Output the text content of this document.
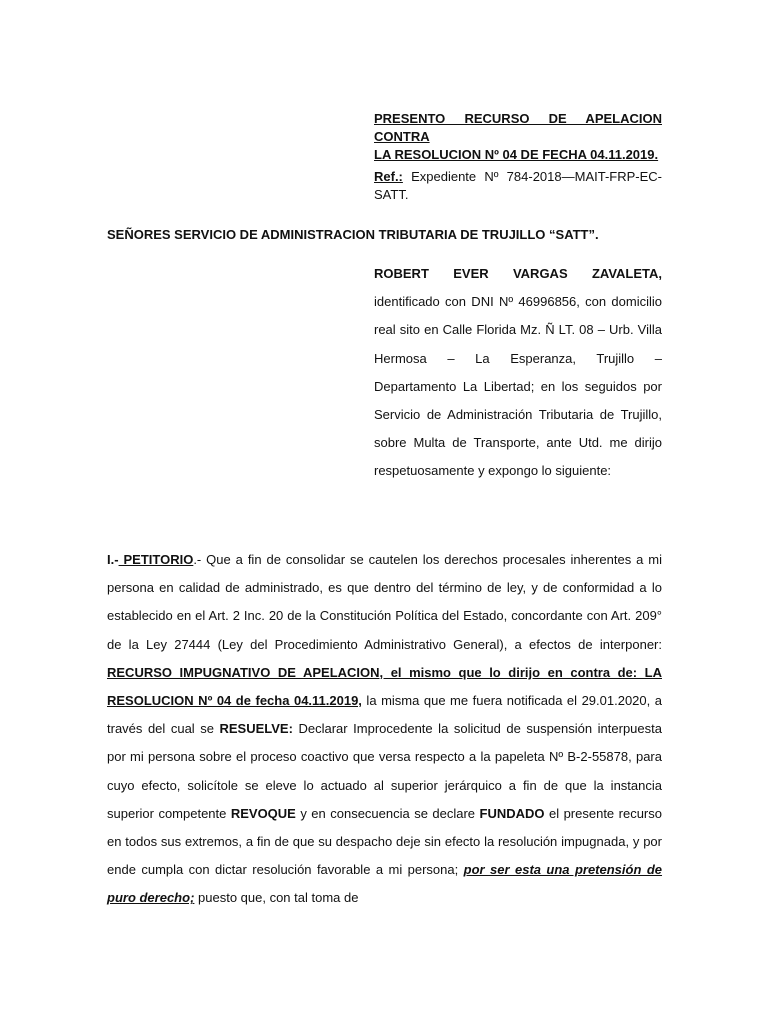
PRESENTO RECURSO DE APELACION CONTRA
LA RESOLUCION Nº 04 DE FECHA 04.11.2019.
Ref.: Expediente Nº 784-2018—MAIT-FRP-EC-SATT.
SEÑORES SERVICIO DE ADMINISTRACION TRIBUTARIA DE TRUJILLO “SATT”.
ROBERT EVER VARGAS ZAVALETA, identificado con DNI Nº 46996856, con domicilio real sito en Calle Florida Mz. Ñ LT. 08 – Urb. Villa Hermosa – La Esperanza, Trujillo – Departamento La Libertad; en los seguidos por Servicio de Administración Tributaria de Trujillo, sobre Multa de Transporte, ante Utd. me dirijo respetuosamente y expongo lo siguiente:
I.- PETITORIO.- Que a fin de consolidar se cautelen los derechos procesales inherentes a mi persona en calidad de administrado, es que dentro del término de ley, y de conformidad a lo establecido en el Art. 2 Inc. 20 de la Constitución Política del Estado, concordante con Art. 209° de la Ley 27444 (Ley del Procedimiento Administrativo General), a efectos de interponer: RECURSO IMPUGNATIVO DE APELACION, el mismo que lo dirijo en contra de: LA RESOLUCION Nº 04 de fecha 04.11.2019, la misma que me fuera notificada el 29.01.2020, a través del cual se RESUELVE: Declarar Improcedente la solicitud de suspensión interpuesta por mi persona sobre el proceso coactivo que versa respecto a la papeleta Nº B-2-55878, para cuyo efecto, solicítole se eleve lo actuado al superior jerárquico a fin de que la instancia superior competente REVOQUE y en consecuencia se declare FUNDADO el presente recurso en todos sus extremos, a fin de que su despacho deje sin efecto la resolución impugnada, y por ende cumpla con dictar resolución favorable a mi persona; por ser esta una pretensión de puro derecho; puesto que, con tal toma de
